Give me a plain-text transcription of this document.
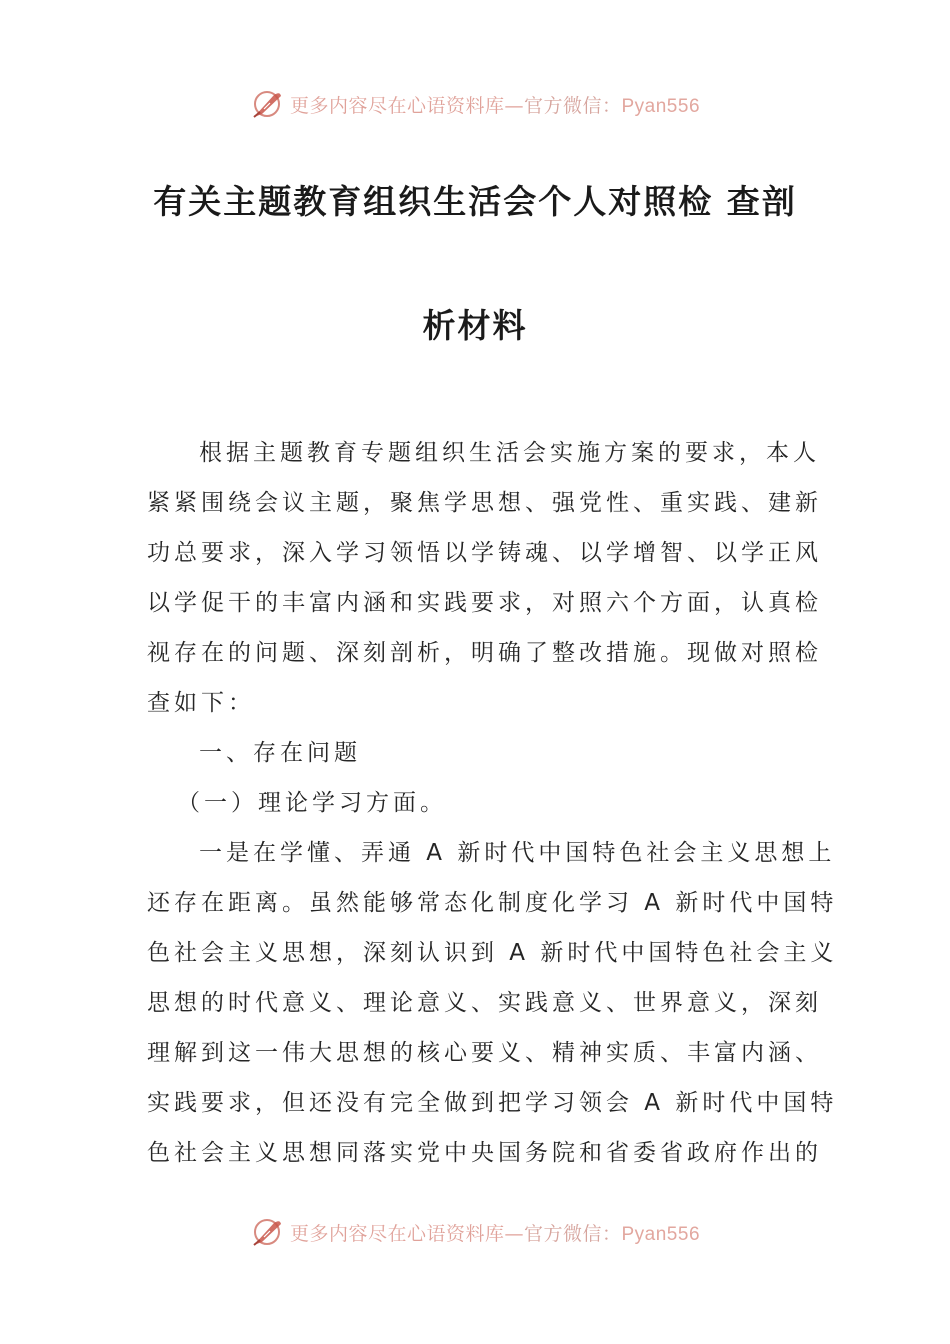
更多内容尽在心语资料库—官方微信：Pyan556
有关主题教育组织生活会个人对照检 查剖
析材料
根据主题教育专题组织生活会实施方案的要求，本人
紧紧围绕会议主题，聚焦学思想、强党性、重实践、建新
功总要求，深入学习领悟以学铸魂、以学增智、以学正风
以学促干的丰富内涵和实践要求，对照六个方面，认真检
视存在的问题、深刻剖析，明确了整改措施。现做对照检
查如下：
一、存在问题
（一）理论学习方面。
一是在学懂、弄通 A 新时代中国特色社会主义思想上
还存在距离。虽然能够常态化制度化学习 A 新时代中国特
色社会主义思想，深刻认识到 A 新时代中国特色社会主义
思想的时代意义、理论意义、实践意义、世界意义，深刻
理解到这一伟大思想的核心要义、精神实质、丰富内涵、
实践要求，但还没有完全做到把学习领会 A 新时代中国特
色社会主义思想同落实党中央国务院和省委省政府作出的
更多内容尽在心语资料库—官方微信：Pyan556
